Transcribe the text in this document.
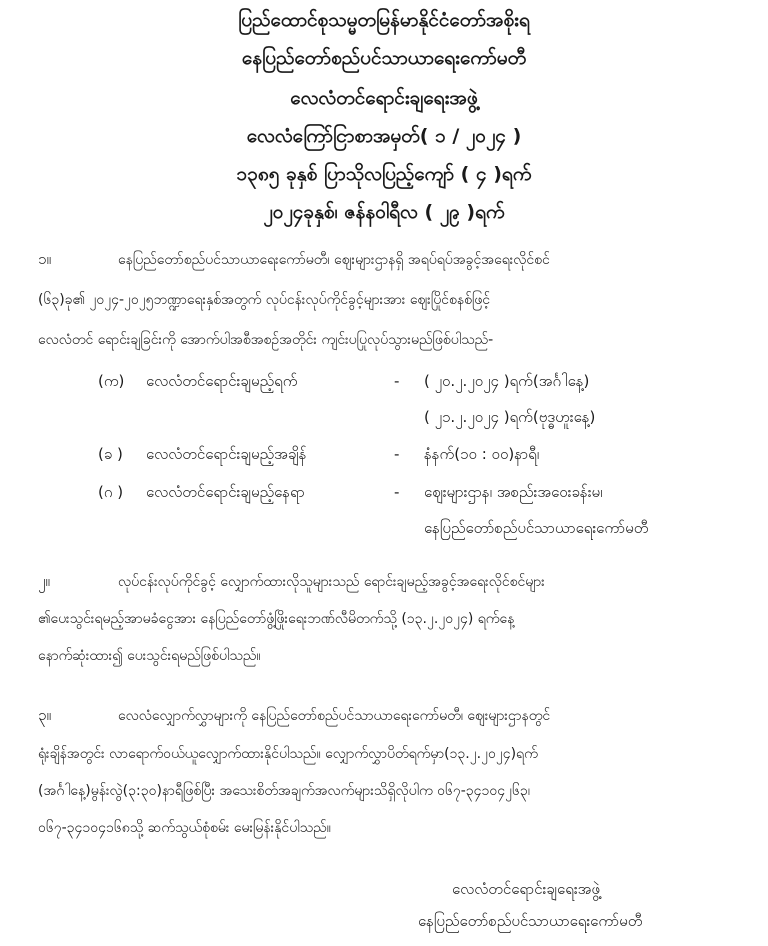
ပြည်ထောင်စုသမ္မတမြန်မာနိုင်ငံတော်အစိုးရ
နေပြည်တော်စည်ပင်သာယာရေးကော်မတီ
လေလံတင်ရောင်းချရေးအဖွဲ့
လေလံကြော်ငြာစာအမှတ်( ၁ / ၂၀၂၄ )
၁၃၈၅ ခုနှစ် ပြာသိုလပြည့်ကျော် ( ၄ )ရက်
၂၀၂၄ခုနှစ်၊ ဇန်နဝါရီလ ( ၂၉ )ရက်
၁။	နေပြည်တော်စည်ပင်သာယာရေးကော်မတီ၊ ဈေးများဌာနရှိ အရပ်ရပ်အခွင့်အရေးလိုင်စင်
(၆၃)ခု၏ ၂၀၂၄-၂၀၂၅ဘဏ္ဍာရေးနှစ်အတွက် လုပ်ငန်းလုပ်ကိုင်ခွင့်များအား ဈေးပြိုင်စနစ်ဖြင့်
လေလံတင် ရောင်းချခြင်းကို အောက်ပါအစီအစဉ်အတိုင်း ကျင်းပပြုလုပ်သွားမည်ဖြစ်ပါသည်-
(က) လေလံတင်ရောင်းချမည့်ရက်	- ( ၂၀.၂.၂၀၂၄ )ရက်(အင်္ဂါနေ့)
( ၂၁.၂.၂၀၂၄ )ရက်(ဗုဒ္ဓဟူးနေ့)
(ခ ) လေလံတင်ရောင်းချမည့်အချိန်	- နံနက်(၁၀ : ၀၀)နာရီ၊
(ဂ ) လေလံတင်ရောင်းချမည့်နေရာ	- ဈေးများဌာန၊ အစည်းအဝေးခန်းမ၊
နေပြည်တော်စည်ပင်သာယာရေးကော်မတီ
၂။	လုပ်ငန်းလုပ်ကိုင်ခွင့် လျှောက်ထားလိုသူများသည် ရောင်းချမည့်အခွင့်အရေးလိုင်စင်များ
၏ပေးသွင်းရမည့်အာမခံငွေအား နေပြည်တော်ဖွံ့ဖြိုးရေးဘဏ်လီမိတက်သို့ (၁၃.၂.၂၀၂၄) ရက်နေ့
နောက်ဆုံးထား၍ ပေးသွင်းရမည်ဖြစ်ပါသည်။
၃။	လေလံလျှောက်လွှာများကို နေပြည်တော်စည်ပင်သာယာရေးကော်မတီ၊ ဈေးများဌာနတွင်
ရုံးချိန်အတွင်း လာရောက်ဝယ်ယူလျှောက်ထားနိုင်ပါသည်။ လျှောက်လွှာပိတ်ရက်မှာ(၁၃.၂.၂၀၂၄)ရက်
(အင်္ဂါနေ့)မွန်းလွဲ(၃:၃၀)နာရီဖြစ်ပြီး အသေးစိတ်အချက်အလက်များသိရှိလိုပါက ၀၆၇-၃၄၁၀၄၂၆၃၊
၀၆၇-၃၄၁၀၄၁၆၈သို့ ဆက်သွယ်စုံစမ်း မေးမြန်းနိုင်ပါသည်။
လေလံတင်ရောင်းချရေးအဖွဲ့
နေပြည်တော်စည်ပင်သာယာရေးကော်မတီ
